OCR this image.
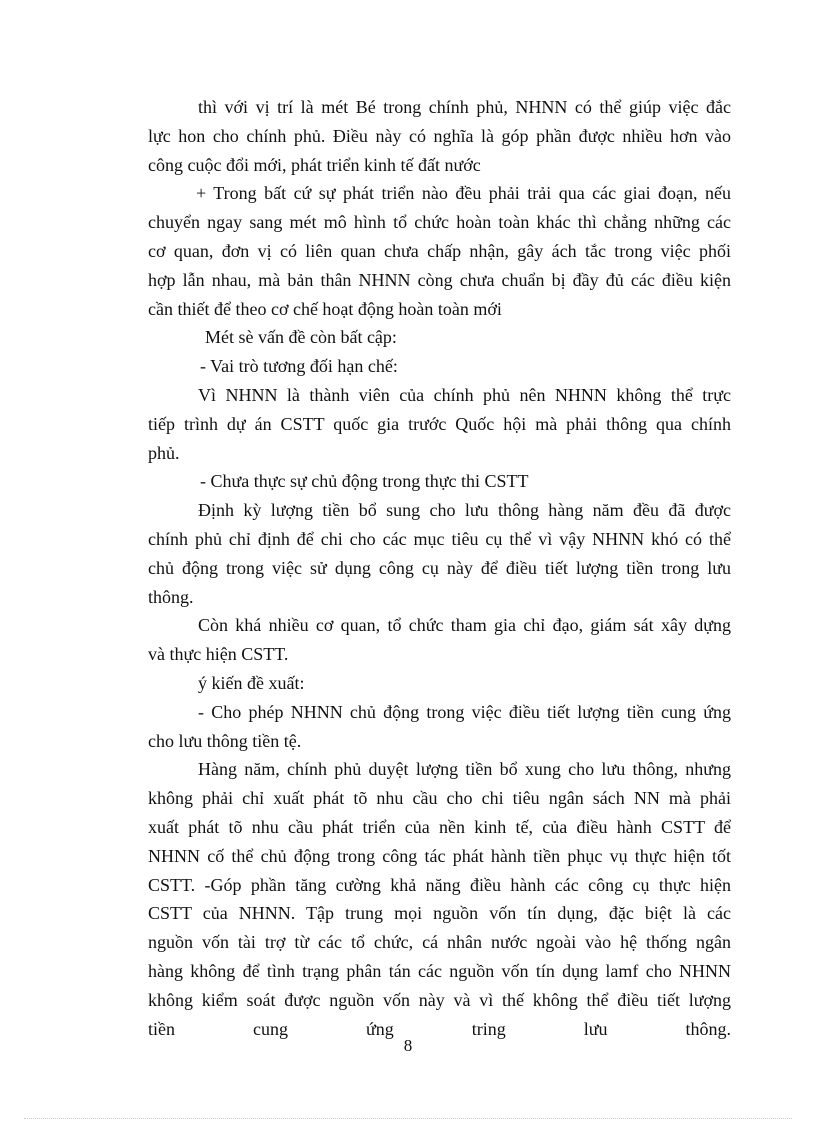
thì với vị trí là mét Bé trong chính phủ, NHNN có thể giúp việc đắc

lực hon cho chính phủ. Điều này có nghĩa là góp phần được nhiều hơn vào

công cuộc đổi mới, phát triển kinh tế đất nước

+ Trong bất cứ sự phát triển nào đều phải trải qua các giai đoạn, nếu

chuyển ngay sang mét mô hình tổ chức hoàn toàn khác thì chẳng những các

cơ quan, đơn vị có liên quan chưa chấp nhận, gây ách tắc trong việc phối

hợp lẫn nhau, mà bản thân NHNN còng chưa chuẩn bị đầy đủ các điều kiện

cần thiết để theo cơ chế hoạt động hoàn toàn mới

Mét sè vấn đề còn bất cập:

- Vai trò tương đối hạn chế:

Vì NHNN là thành viên của chính phủ nên NHNN không thể trực

tiếp trình dự án CSTT quốc gia trước Quốc hội mà phải thông qua chính

phủ.

- Chưa thực sự chủ động trong thực thi CSTT

Định kỳ lượng tiền bổ sung cho lưu thông hàng năm đều đã được

chính phủ chỉ định để chi cho các mục tiêu cụ thể vì vậy NHNN khó có thể

chủ động trong việc sử dụng công cụ này để điều tiết lượng tiền trong lưu

thông.

Còn khá nhiều cơ quan, tổ chức tham gia chỉ đạo, giám sát xây dựng

và thực hiện CSTT.

ý kiến đề xuất:

- Cho phép NHNN chủ động trong việc điều tiết lượng tiền cung ứng

cho lưu thông tiền tệ.

Hàng năm, chính phủ duyệt lượng tiền bổ xung cho lưu thông, nhưng

không phải chỉ xuất phát tõ nhu cầu cho chi tiêu ngân sách NN mà phải

xuất phát tõ nhu cầu phát triển của nền kinh tế, của điều hành CSTT để

NHNN cố thể chủ động trong công tác phát hành tiền phục vụ thực hiện tốt

CSTT. -Góp phần tăng cường khả năng điều hành các công cụ thực hiện

CSTT của NHNN. Tập trung mọi nguồn vốn tín dụng, đặc biệt là các

nguồn vốn tài trợ từ các tổ chức, cá nhân nước ngoài vào hệ thống ngân

hàng không để tình trạng phân tán các nguồn vốn tín dụng lamf cho NHNN

không kiểm soát được nguồn vốn này và vì thế không thể điều tiết lượng

tiền cung ứng tring lưu thông.

8
